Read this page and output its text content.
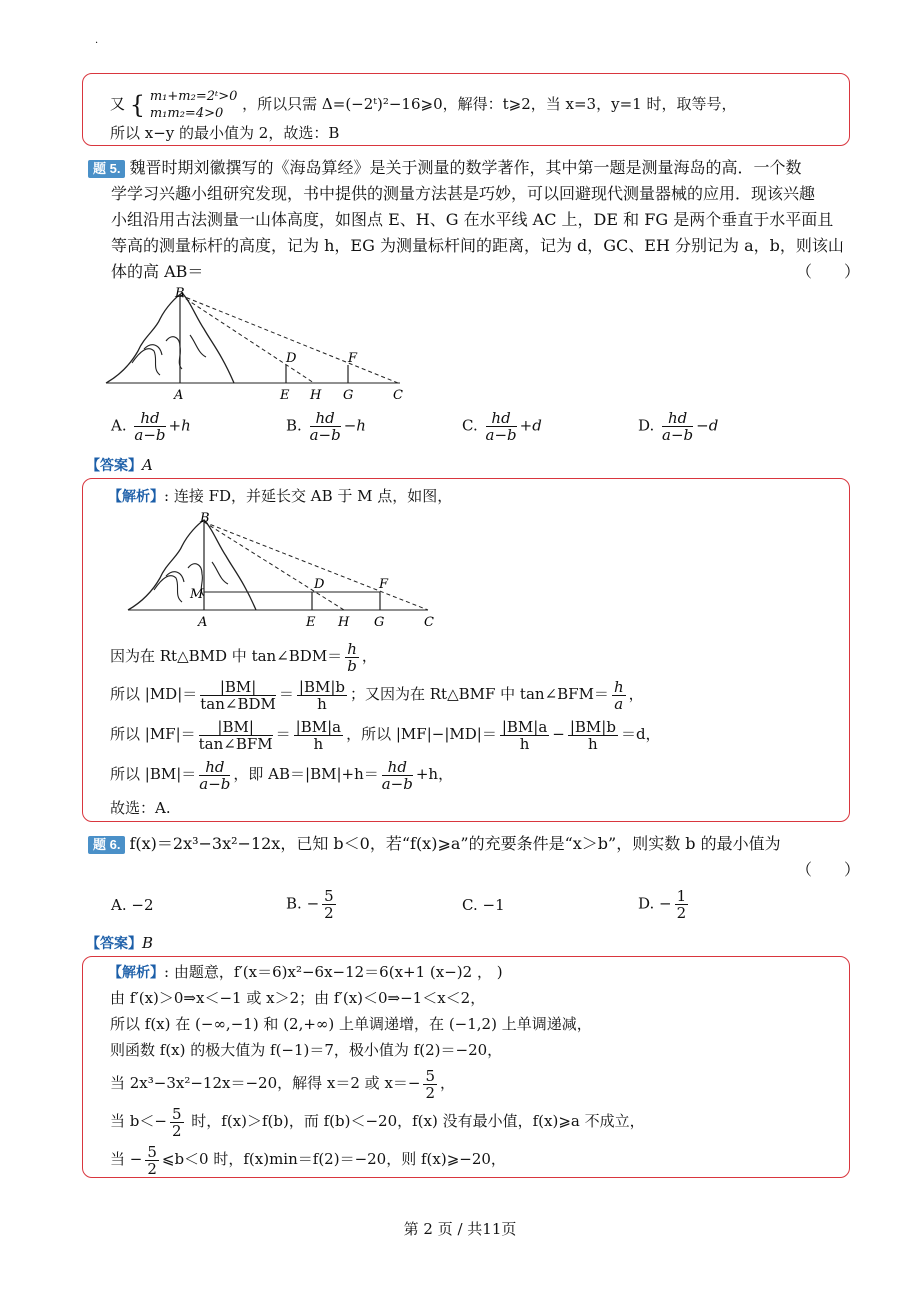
·
又 { m₁+m₂=2ᵗ>0
m₁m₂=4>0
，所以只需 Δ=(−2ᵗ)²−16⩾0，解得：t⩾2，当 x=3，y=1 时，取等号，
所以 x−y 的最小值为 2，故选：B
题 5. 魏晋时期刘徽撰写的《海岛算经》是关于测量的数学著作，其中第一题是测量海岛的高．一个数
学学习兴趣小组研究发现，书中提供的测量方法甚是巧妙，可以回避现代测量器械的应用．现该兴趣
小组沿用古法测量一山体高度，如图点 E、H、G 在水平线 AC 上，DE 和 FG 是两个垂直于水平面且
等高的测量标杆的高度，记为 h，EG 为测量标杆间的距离，记为 d，GC、EH 分别记为 a，b，则该山
体的高 AB＝	（　　）
B
D	F
A	E H G	C
A. $\frac{hd}{a-b} +h$	B. $\frac{hd}{a-b} -h$	C. $\frac{hd}{a-b} +d$	D. $\frac{hd}{a-b} -d$
【答案】A
【解析】: 连接 FD，并延长交 AB 于 M 点，如图，
B
M
D	F
A	E H G	C
因为在 Rt△BMD 中 tan∠BDM＝ $\frac{h}{b}$ ，
所以 $|MD|= \frac{|BM|}{\text{tan∠BDM}} = \frac{|BM|b}{h}$ ；又因为在 Rt△BMF 中 tan∠BFM＝ $\frac{h}{a}$ ，
所以 $|MF|= \frac{|BM|}{\text{tan∠BFM}} = \frac{|BM|a}{h}$ ，所以 $|MF|-|MD|= \frac{|BM|a}{h} - \frac{|BM|b}{h} =d$，
所以 $|BM|= \frac{hd}{a-b}$ ，即 $AB=|BM|+h= \frac{hd}{a-b} +h$，
故选：A.
题 6. f(x)＝2x³−3x²−12x，已知 b＜0，若“f(x)⩾a”的充要条件是“x＞b”，则实数 b 的最小值为
（　　）
A. −2	B. − $\frac{5}{2}$	C. −1	D. − $\frac{1}{2}$
【答案】B
【解析】: 由题意，f′(x＝6)x²−6x−12＝6(x+1 (x−)2 ， )
由 f′(x)＞0⇒x＜−1 或 x＞2；由 f′(x)＜0⇒−1＜x＜2，
所以 f(x) 在 (−∞,−1) 和 (2,+∞) 上单调递增，在 (−1,2) 上单调递减，
则函数 f(x) 的极大值为 f(−1)＝7，极小值为 f(2)＝−20，
当 2x³−3x²−12x＝−20，解得 x＝2 或 $x=- \frac{5}{2}$ ，
当 $b<- \frac{5}{2}$ 时，f(x)＞f(b)，而 f(b)＜−20，f(x) 没有最小值，f(x)⩾a 不成立，
当 − $\frac{5}{2}$ ⩽b＜0 时，f(x)min＝f(2)＝−20，则 f(x)⩾−20，
第 2 页 / 共11页
